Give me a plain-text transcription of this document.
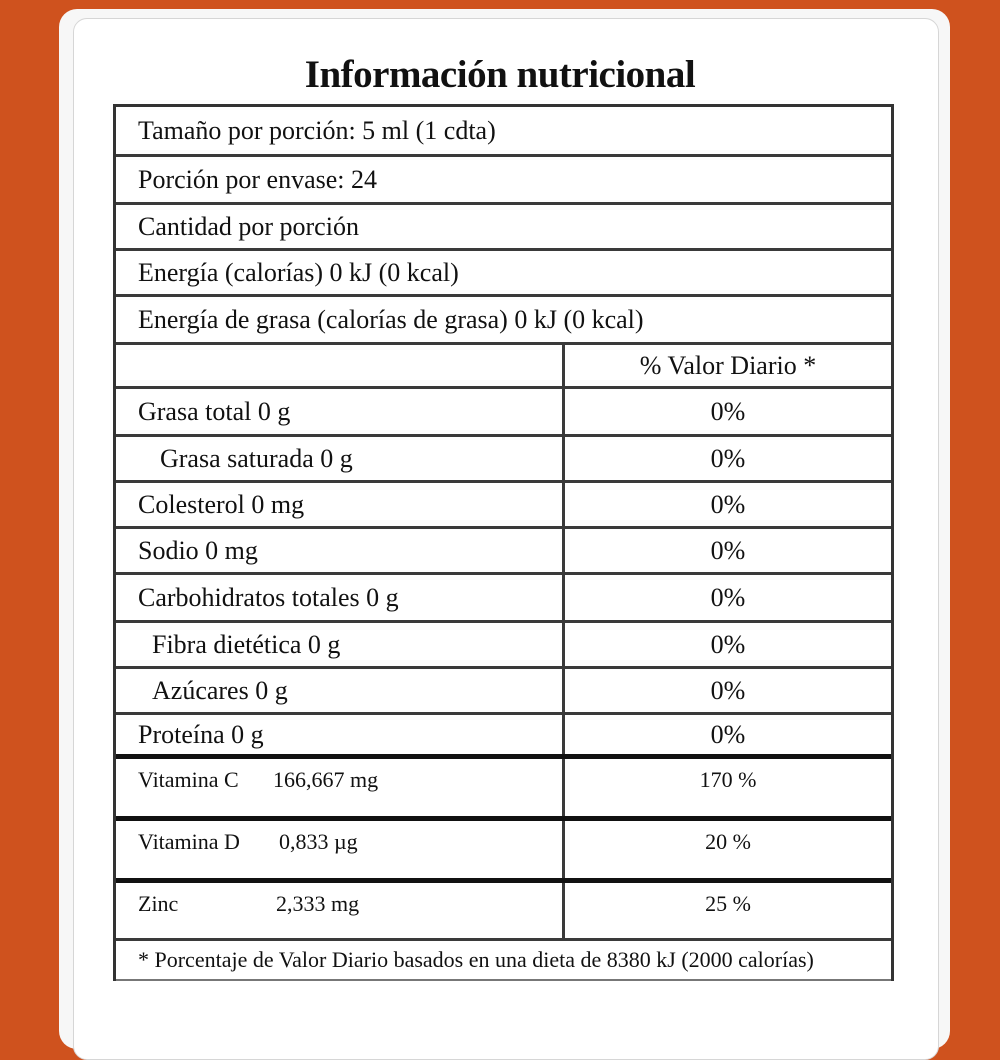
Información nutricional
Tamaño por porción: 5 ml (1 cdta)
Porción por envase: 24
Cantidad por porción
Energía (calorías) 0 kJ (0 kcal)
Energía de grasa (calorías de grasa) 0 kJ (0 kcal)
% Valor Diario *
Grasa total 0 g	0%
Grasa saturada 0 g	0%
Colesterol 0 mg	0%
Sodio 0 mg	0%
Carbohidratos totales 0 g	0%
Fibra dietética 0 g	0%
Azúcares 0 g	0%
Proteína 0 g	0%
Vitamina C	166,667 mg	170 %
Vitamina D	0,833 µg	20 %
Zinc	2,333 mg	25 %
* Porcentaje de Valor Diario basados en una dieta de 8380 kJ (2000 calorías)
